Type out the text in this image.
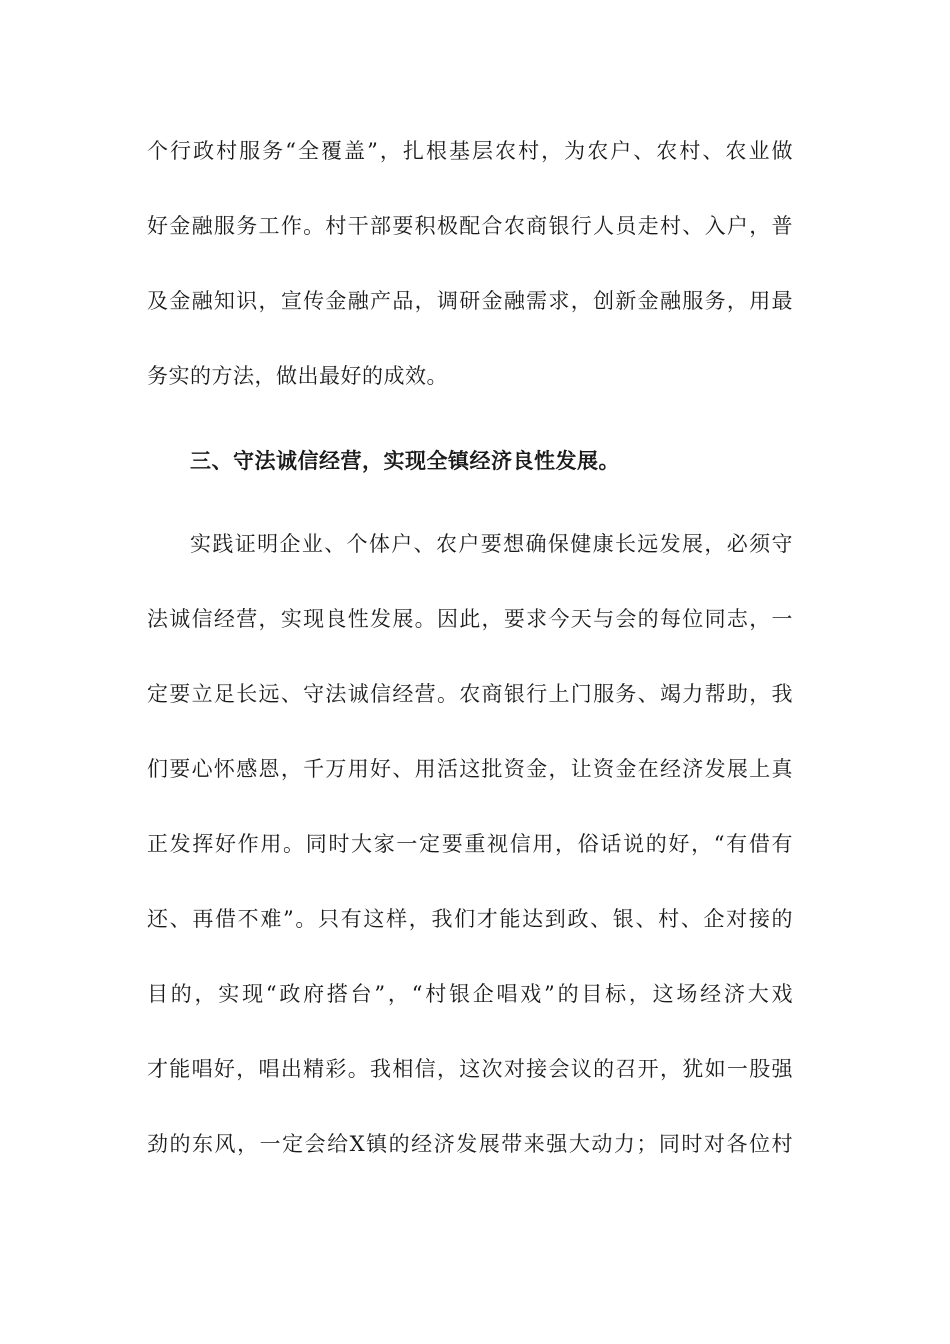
个行政村服务“全覆盖”，扎根基层农村，为农户、农村、农业做
好金融服务工作。村干部要积极配合农商银行人员走村、入户，普
及金融知识，宣传金融产品，调研金融需求，创新金融服务，用最
务实的方法，做出最好的成效。
三、守法诚信经营，实现全镇经济良性发展。
实践证明企业、个体户、农户要想确保健康长远发展，必须守
法诚信经营，实现良性发展。因此，要求今天与会的每位同志，一
定要立足长远、守法诚信经营。农商银行上门服务、竭力帮助，我
们要心怀感恩，千万用好、用活这批资金，让资金在经济发展上真
正发挥好作用。同时大家一定要重视信用，俗话说的好，“有借有
还、再借不难”。只有这样，我们才能达到政、银、村、企对接的
目的，实现“政府搭台”，“村银企唱戏”的目标，这场经济大戏
才能唱好，唱出精彩。我相信，这次对接会议的召开，犹如一股强
劲的东风，一定会给X镇的经济发展带来强大动力；同时对各位村
